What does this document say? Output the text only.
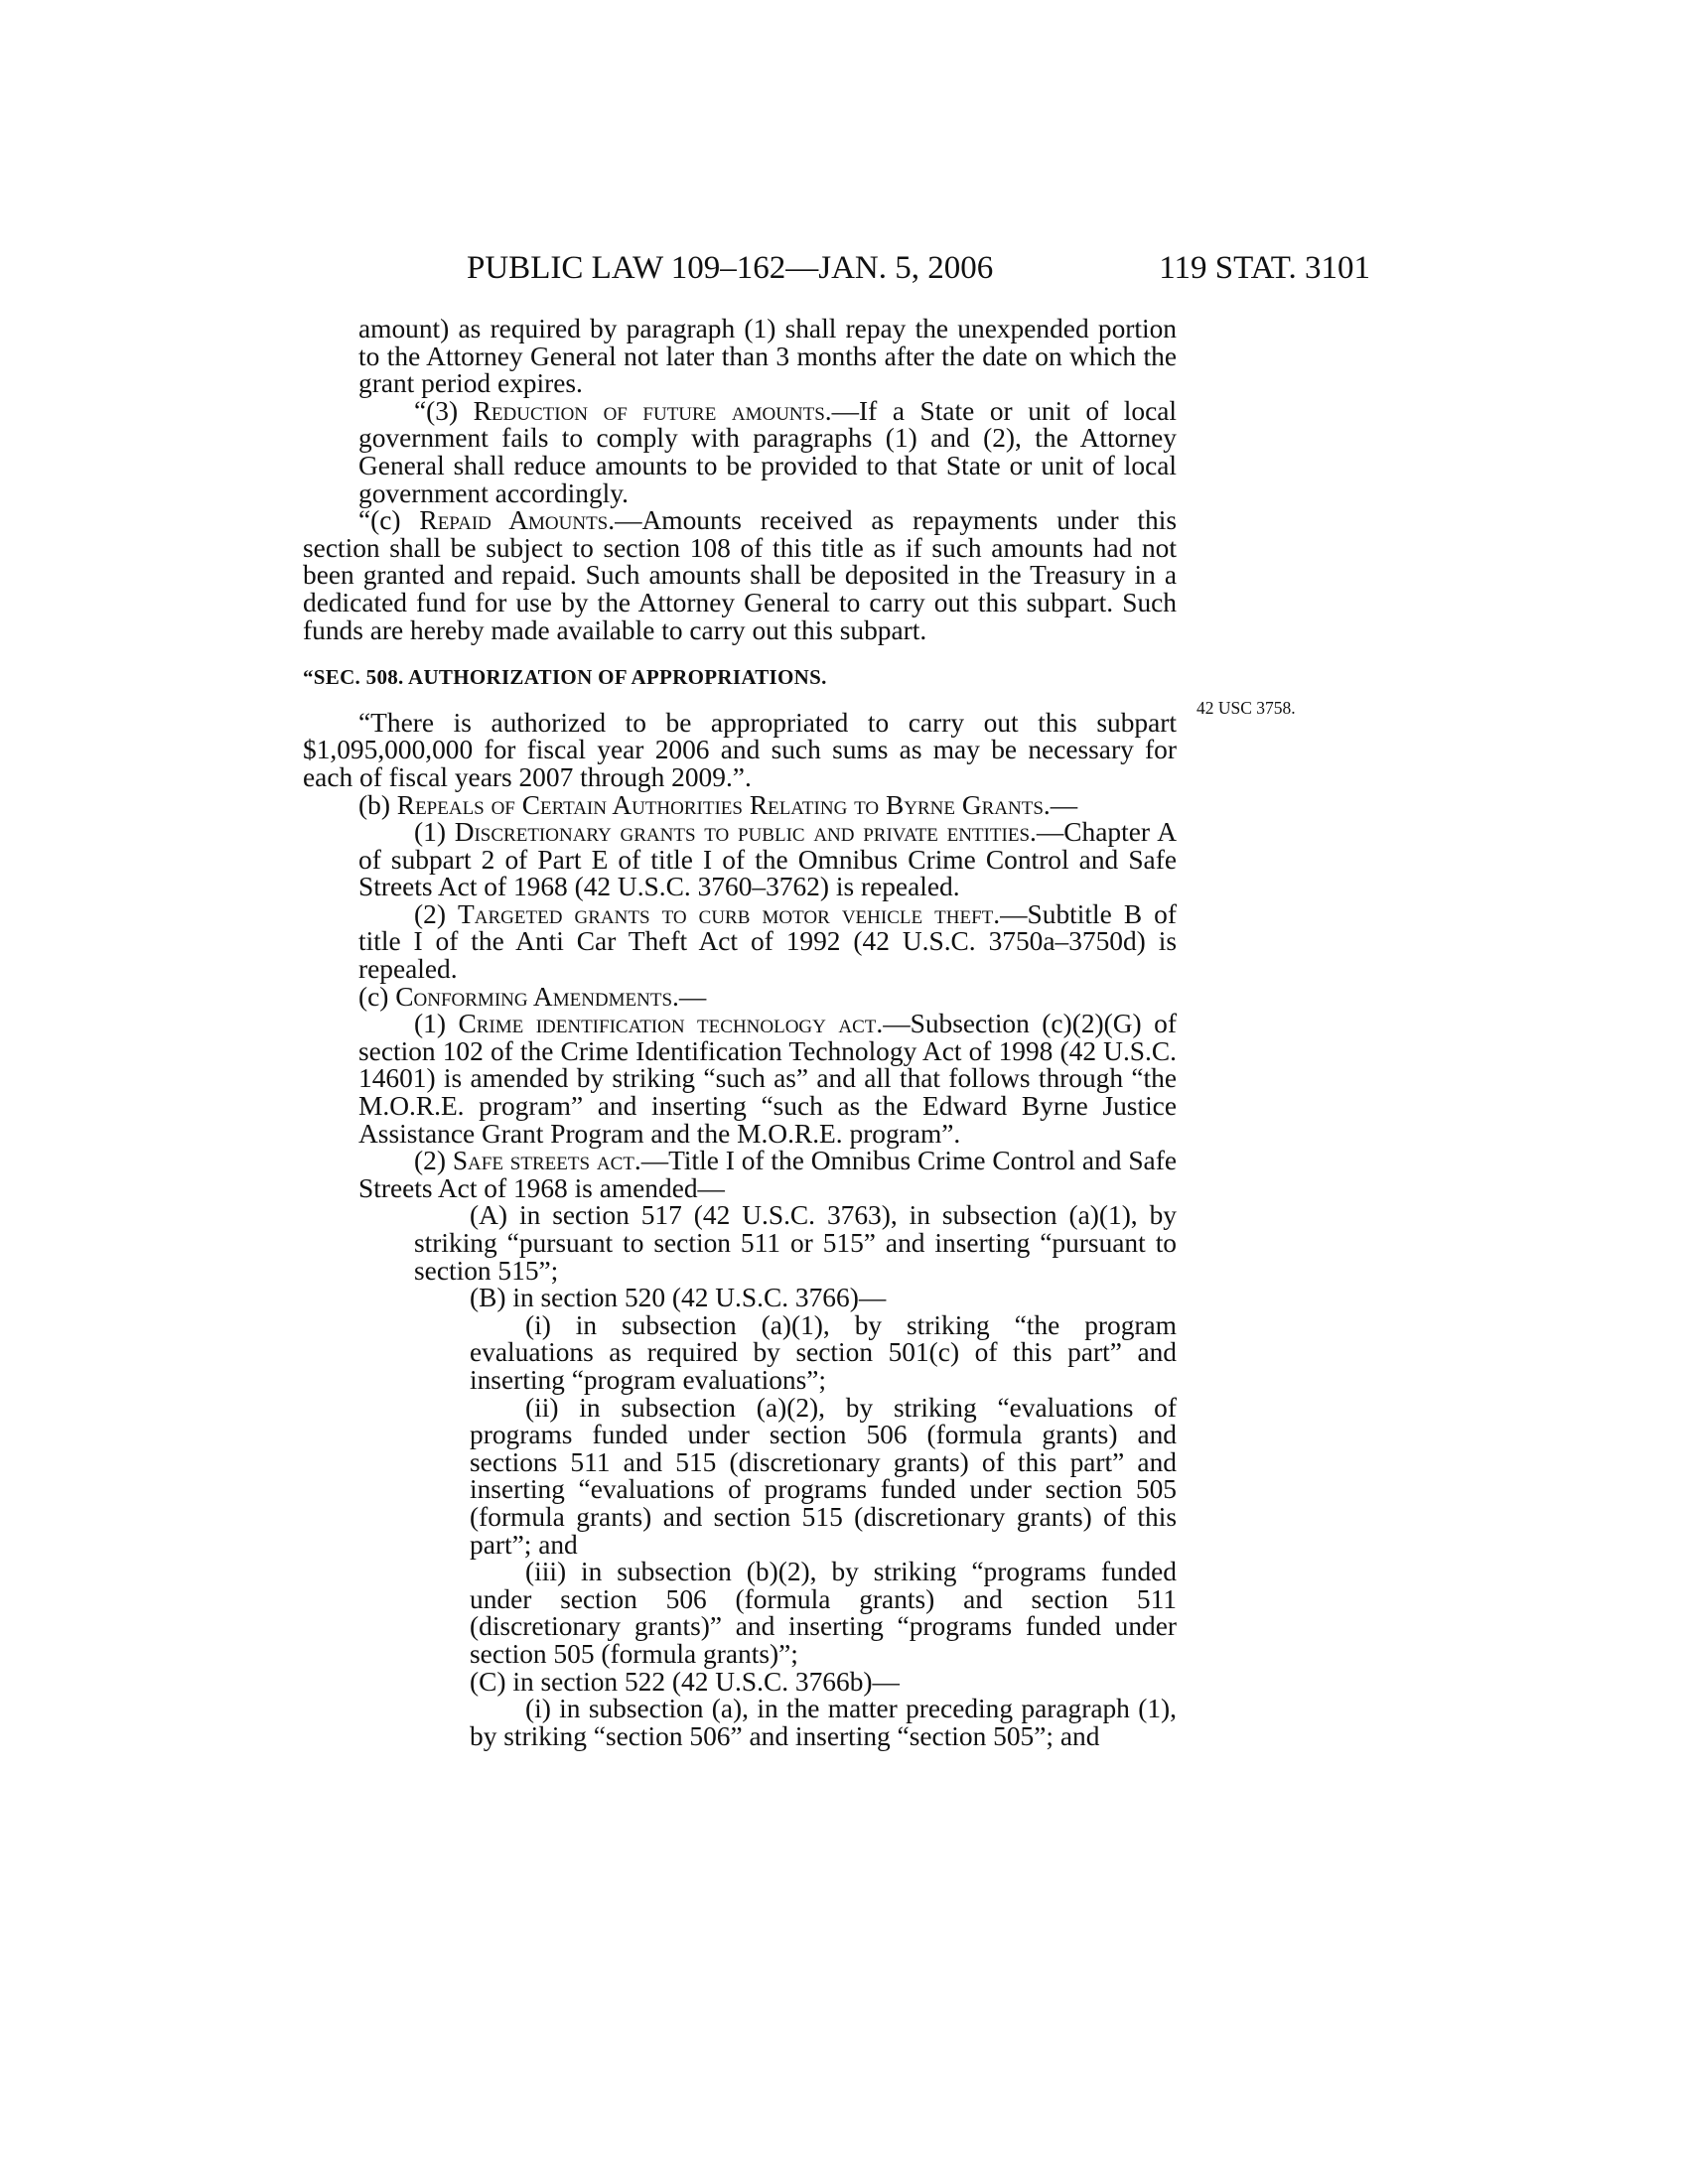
PUBLIC LAW 109–162—JAN. 5, 2006	119 STAT. 3101
42 USC 3758.

amount) as required by paragraph (1) shall repay the unexpended portion to the Attorney General not later than 3 months after the date on which the grant period expires.

“(3) Reduction of future amounts.—If a State or unit of local government fails to comply with paragraphs (1) and (2), the Attorney General shall reduce amounts to be provided to that State or unit of local government accordingly.

“(c) Repaid Amounts.—Amounts received as repayments under this section shall be subject to section 108 of this title as if such amounts had not been granted and repaid. Such amounts shall be deposited in the Treasury in a dedicated fund for use by the Attorney General to carry out this subpart. Such funds are hereby made available to carry out this subpart.

“SEC. 508. AUTHORIZATION OF APPROPRIATIONS.

“There is authorized to be appropriated to carry out this subpart $1,095,000,000 for fiscal year 2006 and such sums as may be necessary for each of fiscal years 2007 through 2009.”.

(b) Repeals of Certain Authorities Relating to Byrne Grants.—

(1) Discretionary grants to public and private entities.—Chapter A of subpart 2 of Part E of title I of the Omnibus Crime Control and Safe Streets Act of 1968 (42 U.S.C. 3760–3762) is repealed.

(2) Targeted grants to curb motor vehicle theft.—Subtitle B of title I of the Anti Car Theft Act of 1992 (42 U.S.C. 3750a–3750d) is repealed.

(c) Conforming Amendments.—

(1) Crime identification technology act.—Subsection (c)(2)(G) of section 102 of the Crime Identification Technology Act of 1998 (42 U.S.C. 14601) is amended by striking “such as” and all that follows through “the M.O.R.E. program” and inserting “such as the Edward Byrne Justice Assistance Grant Program and the M.O.R.E. program”.

(2) Safe streets act.—Title I of the Omnibus Crime Control and Safe Streets Act of 1968 is amended—

(A) in section 517 (42 U.S.C. 3763), in subsection (a)(1), by striking “pursuant to section 511 or 515” and inserting “pursuant to section 515”;

(B) in section 520 (42 U.S.C. 3766)—

(i) in subsection (a)(1), by striking “the program evaluations as required by section 501(c) of this part” and inserting “program evaluations”;

(ii) in subsection (a)(2), by striking “evaluations of programs funded under section 506 (formula grants) and sections 511 and 515 (discretionary grants) of this part” and inserting “evaluations of programs funded under section 505 (formula grants) and section 515 (discretionary grants) of this part”; and

(iii) in subsection (b)(2), by striking “programs funded under section 506 (formula grants) and section 511 (discretionary grants)” and inserting “programs funded under section 505 (formula grants)”;

(C) in section 522 (42 U.S.C. 3766b)—

(i) in subsection (a), in the matter preceding paragraph (1), by striking “section 506” and inserting “section 505”; and
